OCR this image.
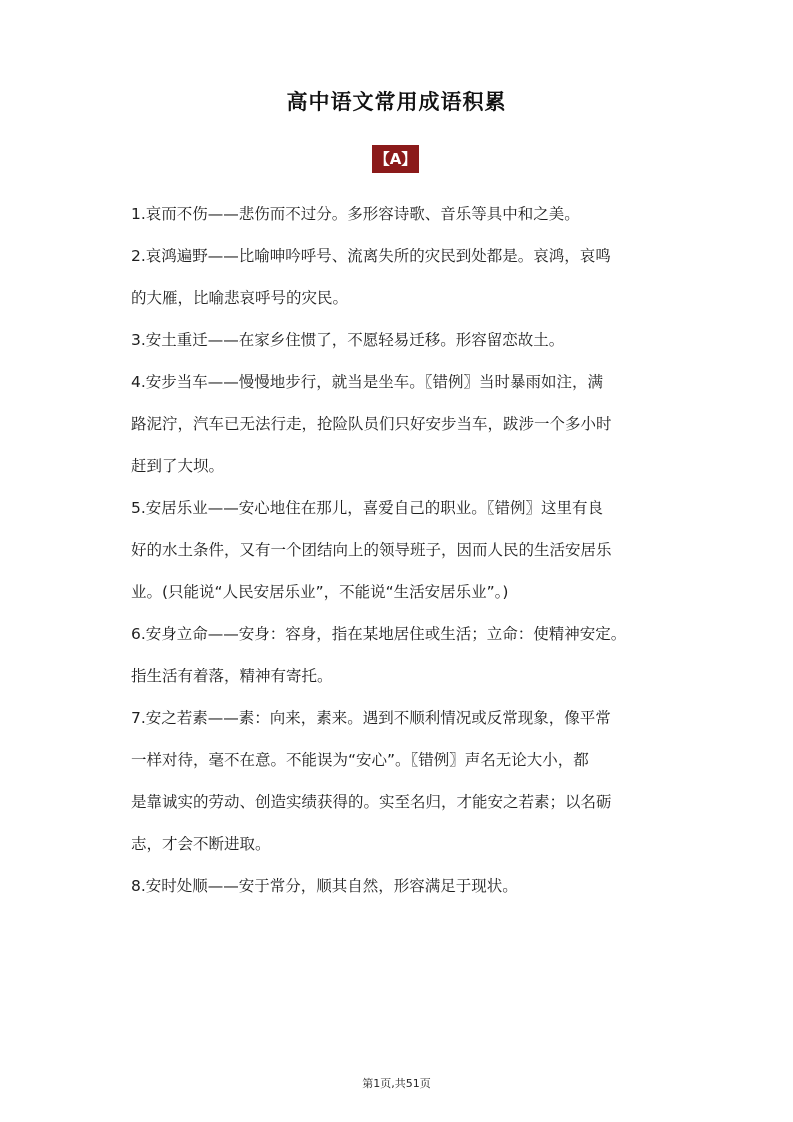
高中语文常用成语积累
【A】
1.哀而不伤——悲伤而不过分。多形容诗歌、音乐等具中和之美。
2.哀鸿遍野——比喻呻吟呼号、流离失所的灾民到处都是。哀鸿，哀鸣
的大雁，比喻悲哀呼号的灾民。
3.安土重迁——在家乡住惯了，不愿轻易迁移。形容留恋故土。
4.安步当车——慢慢地步行，就当是坐车。〖错例〗当时暴雨如注，满
路泥泞，汽车已无法行走，抢险队员们只好安步当车，跋涉一个多小时
赶到了大坝。
5.安居乐业——安心地住在那儿，喜爱自己的职业。〖错例〗这里有良
好的水土条件，又有一个团结向上的领导班子，因而人民的生活安居乐
业。(只能说“人民安居乐业”，不能说“生活安居乐业”。)
6.安身立命——安身：容身，指在某地居住或生活；立命：使精神安定。
指生活有着落，精神有寄托。
7.安之若素——素：向来，素来。遇到不顺利情况或反常现象，像平常
一样对待，毫不在意。不能误为“安心”。〖错例〗声名无论大小，都
是靠诚实的劳动、创造实绩获得的。实至名归，才能安之若素；以名砺
志，才会不断进取。
8.安时处顺——安于常分，顺其自然，形容满足于现状。
第1页,共51页
